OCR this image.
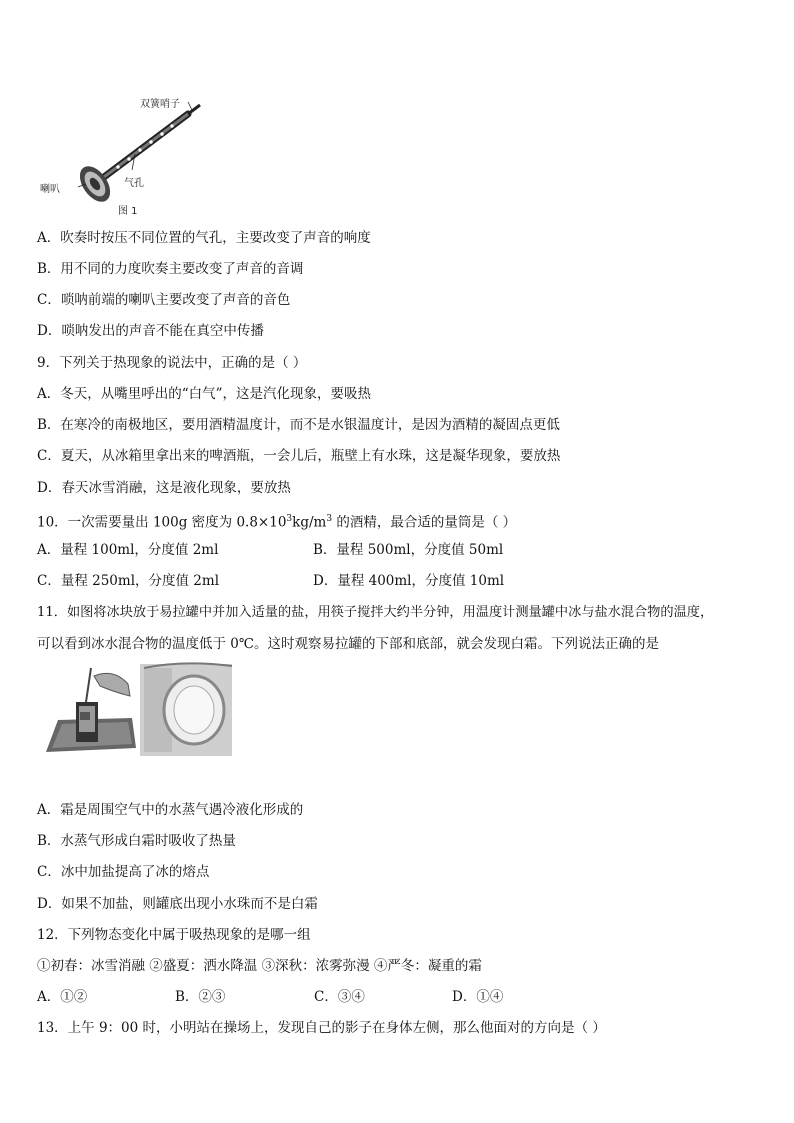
双簧哨子
喇叭
气孔
图 1
A．吹奏时按压不同位置的气孔，主要改变了声音的响度
B．用不同的力度吹奏主要改变了声音的音调
C．唢呐前端的喇叭主要改变了声音的音色
D．唢呐发出的声音不能在真空中传播
9．下列关于热现象的说法中，正确的是（ ）
A．冬天，从嘴里呼出的“白气”，这是汽化现象，要吸热
B．在寒冷的南极地区，要用酒精温度计，而不是水银温度计，是因为酒精的凝固点更低
C．夏天，从冰箱里拿出来的啤酒瓶，一会儿后，瓶壁上有水珠，这是凝华现象，要放热
D．春天冰雪消融，这是液化现象，要放热
10．一次需要量出 100g 密度为 $0.8\times 10^3kg/m^3$ 的酒精，最合适的量筒是（ ）
A．量程 100ml，分度值 2ml	B．量程 500ml，分度值 50ml
C．量程 250ml，分度值 2ml	D．量程 400ml，分度值 10ml
11．如图将冰块放于易拉罐中并加入适量的盐，用筷子搅拌大约半分钟，用温度计测量罐中冰与盐水混合物的温度，
可以看到冰水混合物的温度低于 0℃。这时观察易拉罐的下部和底部，就会发现白霜。下列说法正确的是
A．霜是周围空气中的水蒸气遇冷液化形成的
B．水蒸气形成白霜时吸收了热量
C．冰中加盐提高了冰的熔点
D．如果不加盐，则罐底出现小水珠而不是白霜
12．下列物态变化中属于吸热现象的是哪一组
①初春：冰雪消融 ②盛夏：洒水降温 ③深秋：浓雾弥漫 ④严冬：凝重的霜
A．①②	B．②③	C．③④	D．①④
13．上午 9：00 时，小明站在操场上，发现自己的影子在身体左侧，那么他面对的方向是（ ）
